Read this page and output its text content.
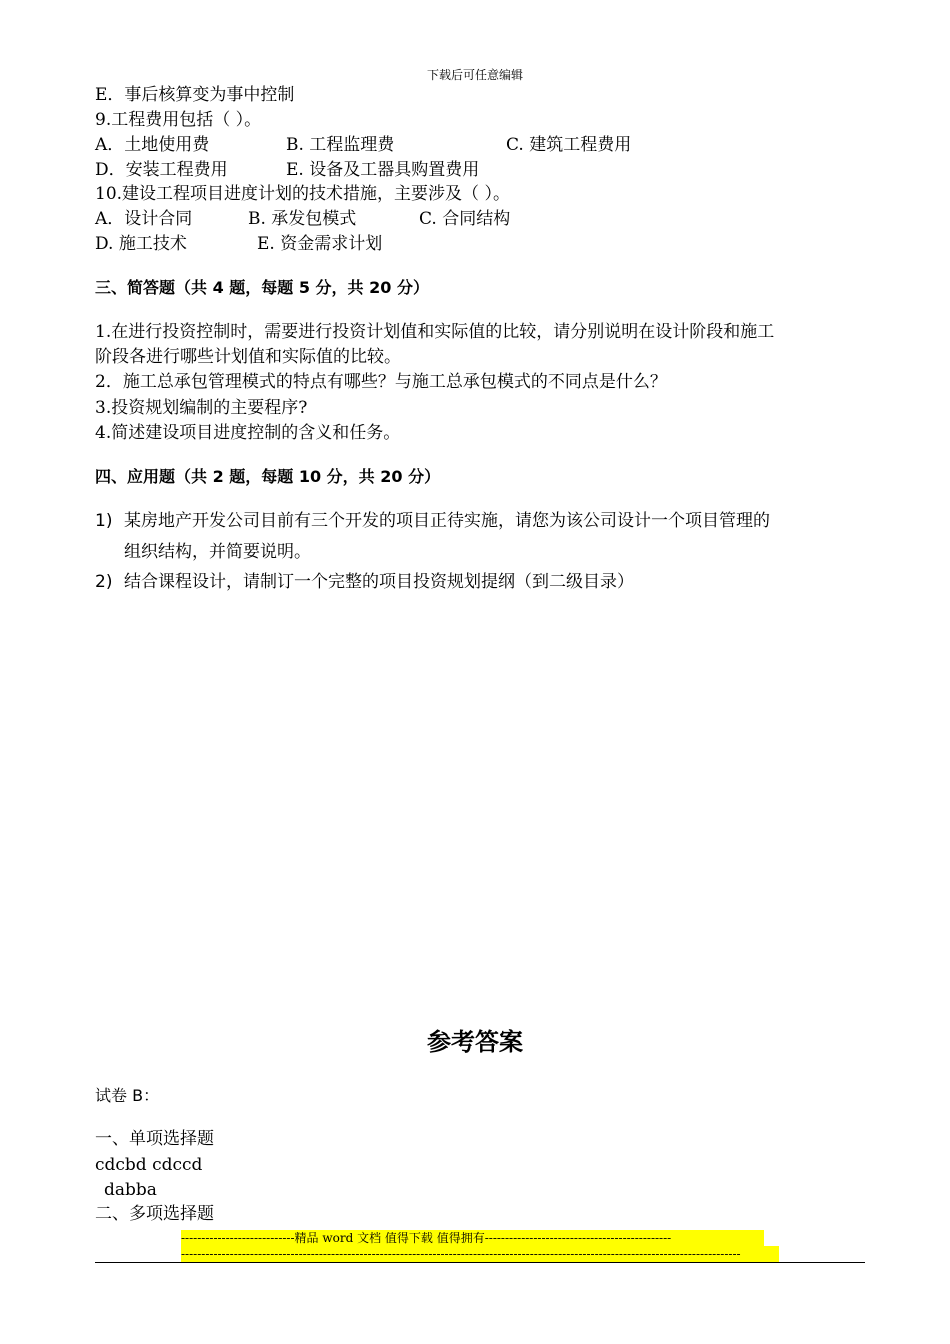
下载后可任意编辑
E．事后核算变为事中控制
9.工程费用包括（ ）。
A．土地使用费	B. 工程监理费	C. 建筑工程费用
D．安装工程费用	E. 设备及工器具购置费用
10.建设工程项目进度计划的技术措施，主要涉及（ ）。
A．设计合同	B. 承发包模式	C. 合同结构
D. 施工技术	E. 资金需求计划
三、简答题（共 4 题，每题 5 分，共 20 分）
1.在进行投资控制时，需要进行投资计划值和实际值的比较，请分别说明在设计阶段和施工
阶段各进行哪些计划值和实际值的比较。
2．施工总承包管理模式的特点有哪些？与施工总承包模式的不同点是什么？
3.投资规划编制的主要程序?
4.简述建设项目进度控制的含义和任务。
四、应用题（共 2 题，每题 10 分，共 20 分）
1) 某房地产开发公司目前有三个开发的项目正待实施，请您为该公司设计一个项目管理的
组织结构，并简要说明。
2) 结合课程设计，请制订一个完整的项目投资规划提纲（到二级目录）
参考答案
试卷 B：
一、单项选择题
cdcbd cdccd
dabba
二、多项选择题
----------------------------精品 word 文档 值得下载 值得拥有----------------------------------------------
------------------------------------------------------------------------------------------------------------------------------------------
